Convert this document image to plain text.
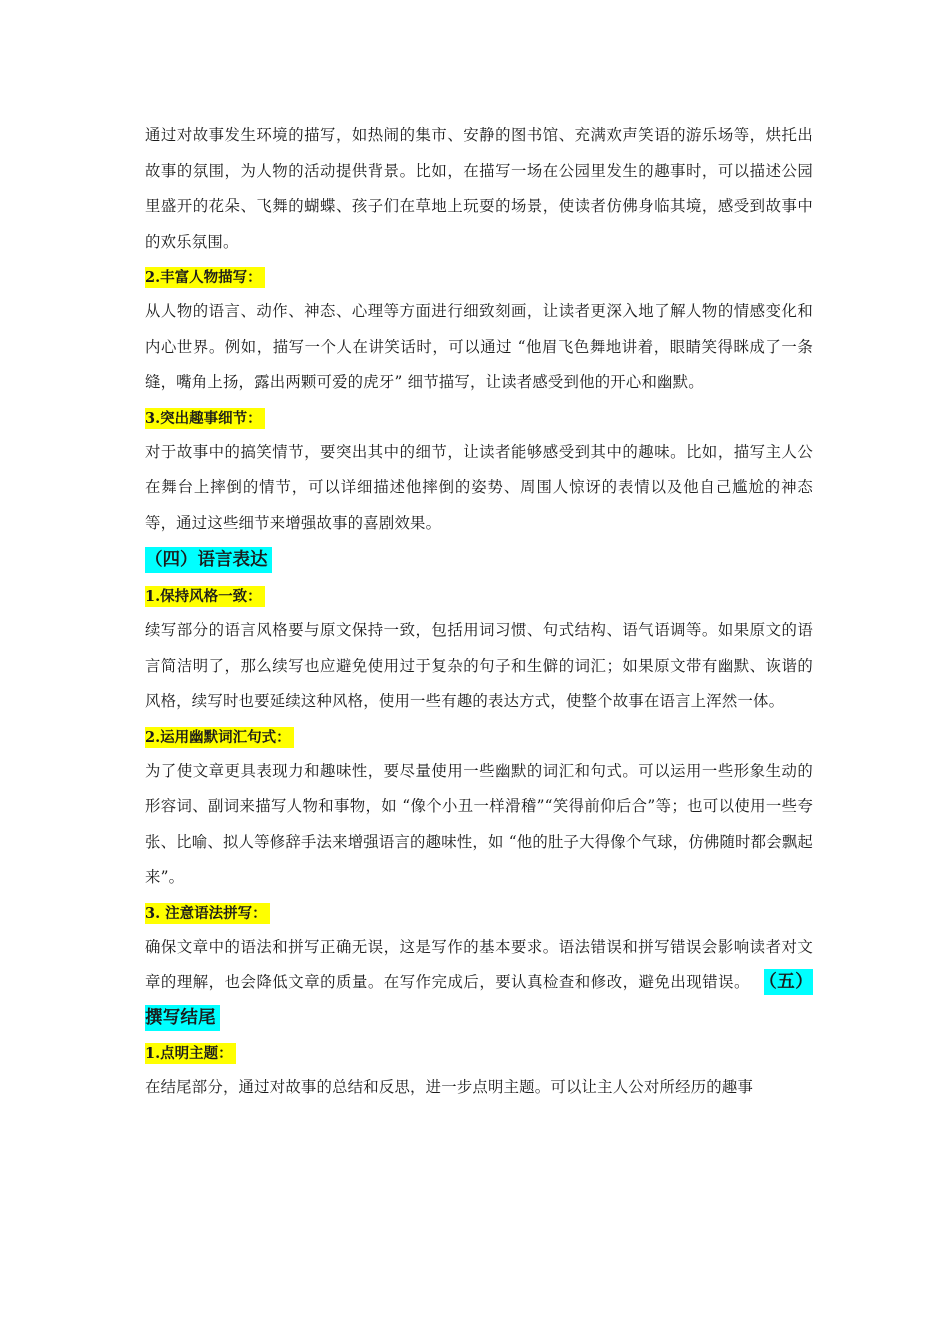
通过对故事发生环境的描写，如热闹的集市、安静的图书馆、充满欢声笑语的游乐场等，烘托出故事的氛围，为人物的活动提供背景。比如，在描写一场在公园里发生的趣事时，可以描述公园里盛开的花朵、飞舞的蝴蝶、孩子们在草地上玩耍的场景，使读者仿佛身临其境，感受到故事中的欢乐氛围。

2.丰富人物描写：

从人物的语言、动作、神态、心理等方面进行细致刻画，让读者更深入地了解人物的情感变化和内心世界。例如，描写一个人在讲笑话时，可以通过 “他眉飞色舞地讲着，眼睛笑得眯成了一条缝，嘴角上扬，露出两颗可爱的虎牙” 细节描写，让读者感受到他的开心和幽默。

3.突出趣事细节：

对于故事中的搞笑情节，要突出其中的细节，让读者能够感受到其中的趣味。比如，描写主人公在舞台上摔倒的情节，可以详细描述他摔倒的姿势、周围人惊讶的表情以及他自己尴尬的神态等，通过这些细节来增强故事的喜剧效果。

（四）语言表达

1.保持风格一致：

续写部分的语言风格要与原文保持一致，包括用词习惯、句式结构、语气语调等。如果原文的语言简洁明了，那么续写也应避免使用过于复杂的句子和生僻的词汇；如果原文带有幽默、诙谐的风格，续写时也要延续这种风格，使用一些有趣的表达方式，使整个故事在语言上浑然一体。

2.运用幽默词汇句式：

为了使文章更具表现力和趣味性，要尽量使用一些幽默的词汇和句式。可以运用一些形象生动的形容词、副词来描写人物和事物，如 “像个小丑一样滑稽”“笑得前仰后合”等；也可以使用一些夸张、比喻、拟人等修辞手法来增强语言的趣味性，如 “他的肚子大得像个气球，仿佛随时都会飘起来”。

3. 注意语法拼写：

确保文章中的语法和拼写正确无误，这是写作的基本要求。语法错误和拼写错误会影响读者对文章的理解，也会降低文章的质量。在写作完成后，要认真检查和修改，避免出现错误。 （五）撰写结尾

1.点明主题：

在结尾部分，通过对故事的总结和反思，进一步点明主题。可以让主人公对所经历的趣事
